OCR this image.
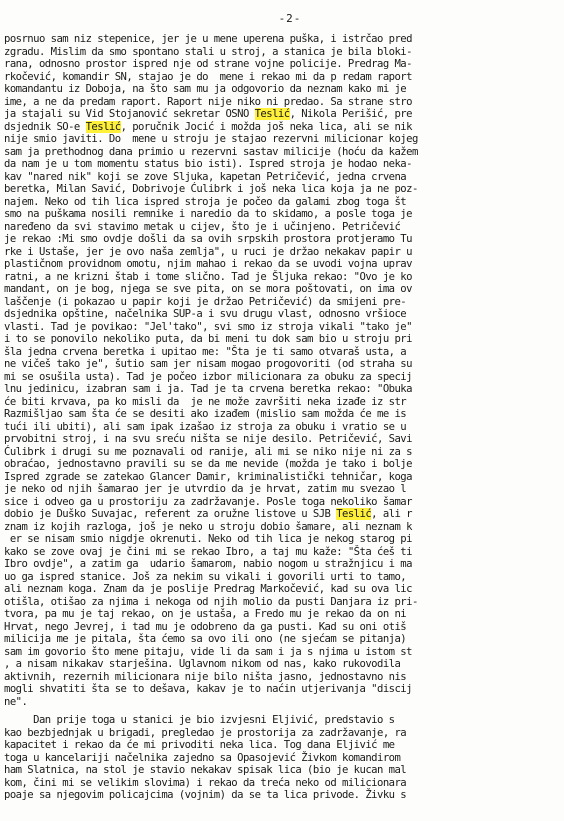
-2-
posrnuo sam niz stepenice, jer je u mene uperena puška, i istrčao pred
zgradu. Mislim da smo spontano stali u stroj, a stanica je bila bloki-
rana, odnosno prostor ispred nje od strane vojne policije. Predrag Ma-
rkočević, komandir SN, stajao je do  mene i rekao mi da p redam raport
komandantu iz Doboja, na što sam mu ja odgovorio da neznam kako mi je
ime, a ne da predam raport. Raport nije niko ni predao. Sa strane stro
ja stajali su Vid Stojanović sekretar OSNO Teslić, Nikola Perišić, pre
dsjednik SO-e Teslić, poručnik Jocić i možda još neka lica, ali se nik
nije smio javiti. Do  mene u stroju je stajao rezervni milicionar kojeg
sam ja prethodnog dana primio u rezervni sastav milicije (hoću da kažem
da nam je u tom momentu status bio isti). Ispred stroja je hodao neka-
kav "nared nik" koji se zove Sljuka, kapetan Petričević, jedna crvena
beretka, Milan Savić, Dobrivoje Ćulibrk i još neka lica koja ja ne poz-
najem. Neko od tih lica ispred stroja je počeo da galami zbog toga št
smo na puškama nosili remnike i naredio da to skidamo, a posle toga je
naređeno da svi stavimo metak u cijev, što je i učinjeno. Petričević
je rekao :Mi smo ovdje došli da sa ovih srpskih prostora protjeramo Tu
rke i Ustaše, jer je ovo naša zemlja", u ruci je držao nekakav papir u
plastičnom providnom omotu, njim mahao i rekao da se uvodi vojna uprav
ratni, a ne krizni štab i tome slično. Tad je Šljuka rekao: "Ovo je ko
mandant, on je bog, njega se sve pita, on se mora poštovati, on ima ov
laščenje (i pokazao u papir koji je držao Petričević) da smijeni pre-
dsjednika opštine, načelnika SUP-a i svu drugu vlast, odnosno vršioce
vlasti. Tad je povikao: "Jel'tako", svi smo iz stroja vikali "tako je"
i to se ponovilo nekoliko puta, da bi meni tu dok sam bio u stroju pri
šla jedna crvena beretka i upitao me: "Šta je ti samo otvaraš usta, a
ne vičeš tako je", šutio sam jer nisam mogao progovoriti (od straha su
mi se osušila usta). Tad je počeo izbor milicionara za obuku za specij
lnu jedinicu, izabran sam i ja. Tad je ta crvena beretka rekao: "Obuka
će biti krvava, pa ko misli da  je ne može završiti neka izađe iz str
Razmišljao sam šta će se desiti ako izađem (mislio sam možda će me is
tući ili ubiti), ali sam ipak izašao iz stroja za obuku i vratio se u
prvobitni stroj, i na svu sreću ništa se nije desilo. Petričević, Savi
Ćulibrk i drugi su me poznavali od ranije, ali mi se niko nije ni za s
obraćao, jednostavno pravili su se da me nevide (možda je tako i bolje
Ispred zgrade se zatekao Glancer Damir, kriminalistički tehničar, koga
je neko od njih šamarao jer je utvrdio da je hrvat, zatim mu svezao l
sice i odveo ga u prostoriju za zadržavanje. Posle toga nekoliko šamar
dobio je Duško Suvajac, referent za oružne listove u SJB Teslić, ali r
znam iz kojih razloga, još je neko u stroju dobio šamare, ali neznam k
er se nisam smio nigdje okrenuti. Neko od tih lica je nekog starog pi
kako se zove ovaj je čini mi se rekao Ibro, a taj mu kaže: "Šta ćeš ti
Ibro ovdje", a zatim ga  udario šamarom, nabio nogom u stražnjicu i ma
uo ga ispred stanice. Još za nekim su vikali i govorili urti to tamo,
ali neznam koga. Znam da je poslije Predrag Markočević, kad su ova lic
otišla, otišao za njima i nekoga od njih molio da pusti Danjara iz pri-
tvora, pa mu je taj rekao, on je ustaša, a Fredo mu je rekao da on ni
Hrvat, nego Jevrej, i tad mu je odobreno da ga pusti. Kad su oni otiš
milicija me je pitala, šta ćemo sa ovo ili ono (ne sjećam se pitanja)
sam im govorio što mene pitaju, vide li da sam i ja s njima u istom st
, a nisam nikakav starješina. Uglavnom nikom od nas, kako rukovodila
aktivnih, rezernih milicionara nije bilo ništa jasno, jednostavno nis
mogli shvatiti šta se to dešava, kakav je to naćin utjerivanja "discij
ne".
Dan prije toga u stanici je bio izvjesni Eljivić, predstavio s
kao bezbjednjak u brigadi, pregledao je prostorija za zadržavanje, ra
kapacitet i rekao da će mi privoditi neka lica. Tog dana Eljivić me
toga u kancelariji načelnika zajedno sa Opasojević Živkom komandirom
ham Slatnica, na stol je stavio nekakav spisak lica (bio je kucan mal
kom, čini mi se velikim slovima) i rekao da treća neko od milicionara
poaje sa njegovim policajcima (vojnim) da se ta lica privode. Živku s
